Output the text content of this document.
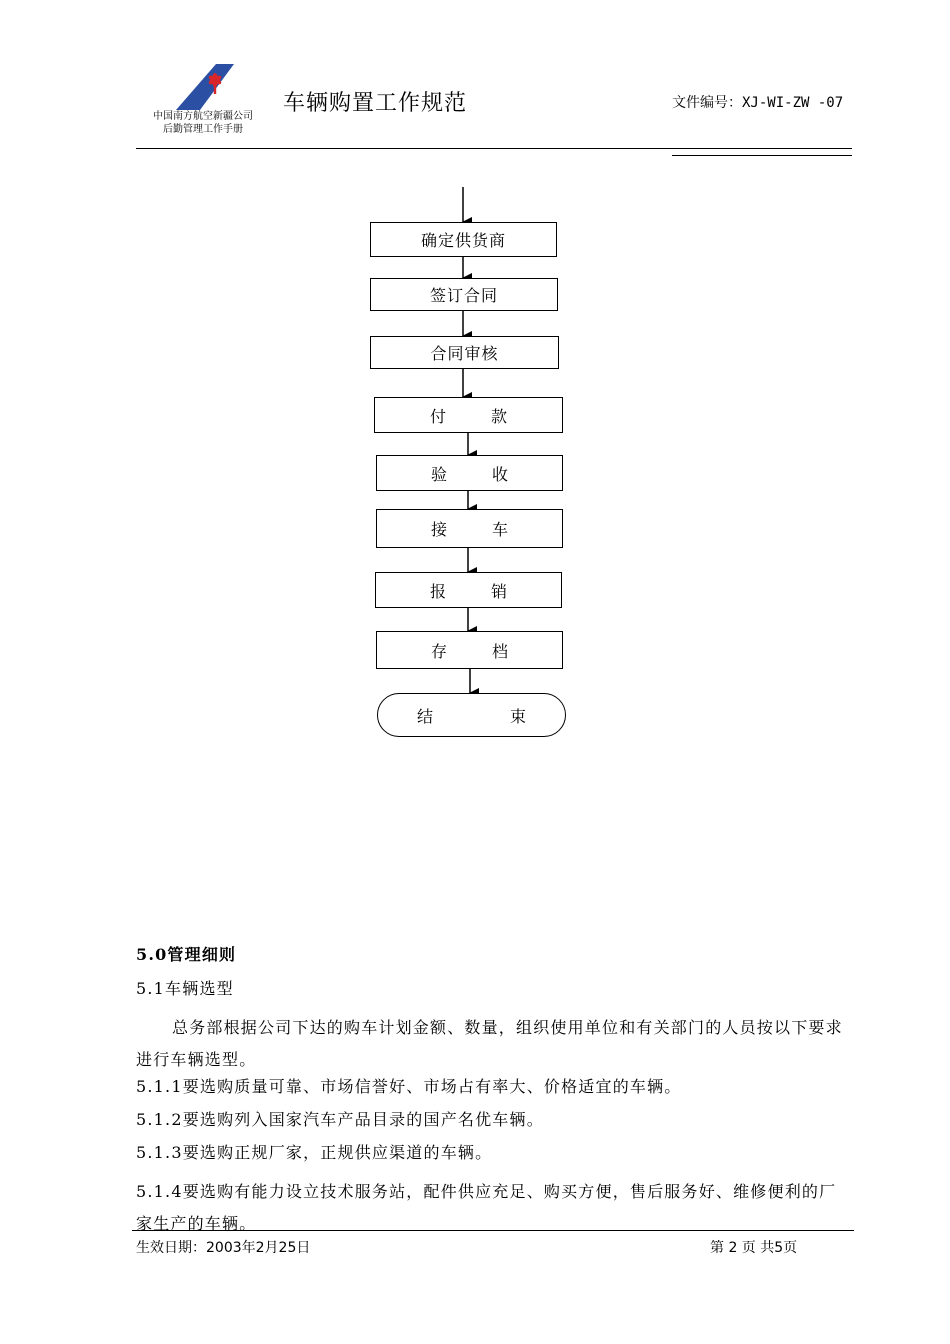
中国南方航空新疆公司
后勤管理工作手册
车辆购置工作规范	文件编号：XJ-WI-ZW -07
确定供货商
签订合同
合同审核
付 款
验 收
接 车
报 销
存 档
结 束
5.0管理细则
5.1车辆选型
总务部根据公司下达的购车计划金额、数量，组织使用单位和有关部门的人员按以下要求进行车辆选型。
5.1.1要选购质量可靠、市场信誉好、市场占有率大、价格适宜的车辆。
5.1.2要选购列入国家汽车产品目录的国产名优车辆。
5.1.3要选购正规厂家，正规供应渠道的车辆。
5.1.4要选购有能力设立技术服务站，配件供应充足、购买方便，售后服务好、维修便利的厂家生产的车辆。
生效日期：2003年2月25日	第 2 页 共5页
